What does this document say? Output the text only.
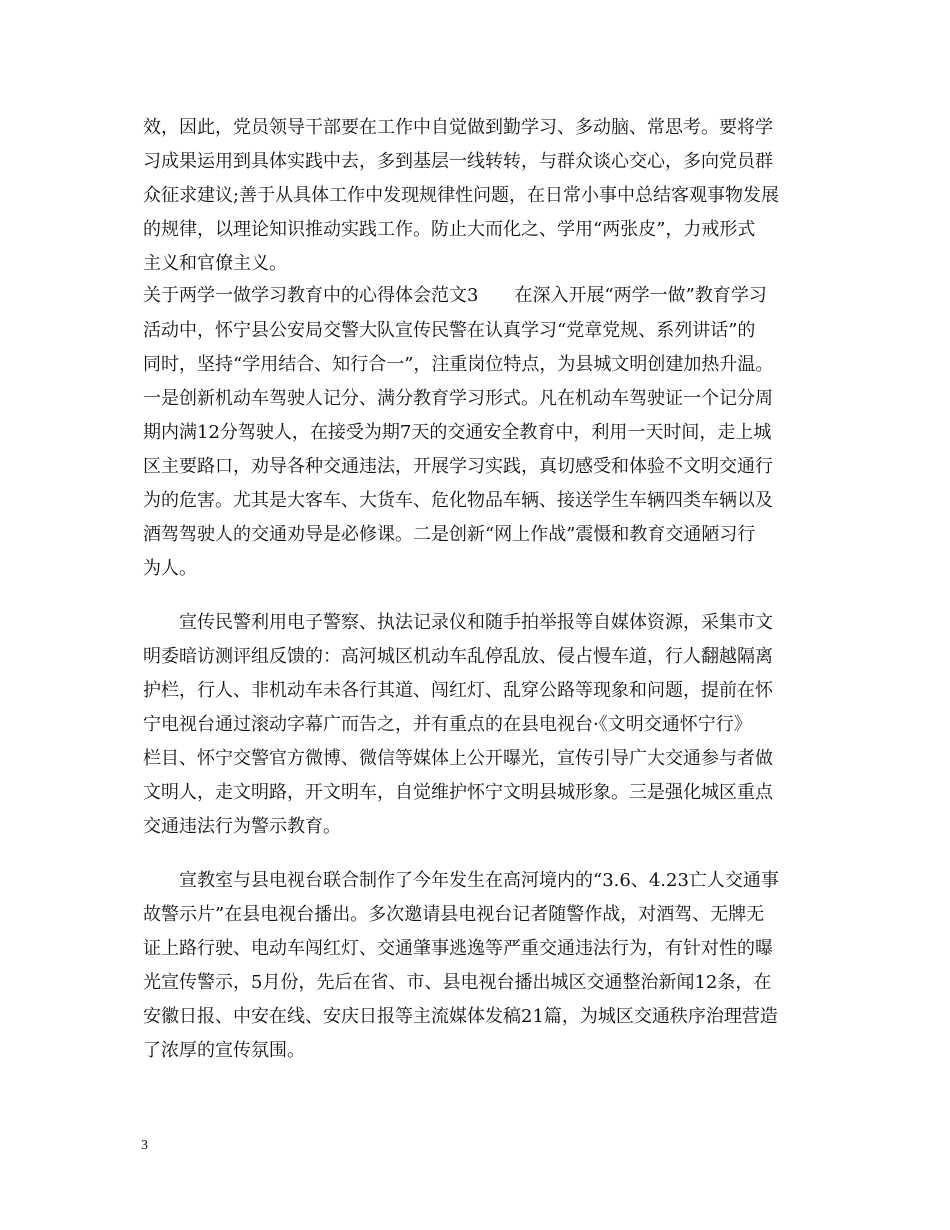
效，因此，党员领导干部要在工作中自觉做到勤学习、多动脑、常思考。要将学
习成果运用到具体实践中去，多到基层一线转转，与群众谈心交心，多向党员群
众征求建议;善于从具体工作中发现规律性问题，在日常小事中总结客观事物发展
的规律，以理论知识推动实践工作。防止大而化之、学用“两张皮”，力戒形式
主义和官僚主义。
关于两学一做学习教育中的心得体会范文3　　在深入开展“两学一做”教育学习
活动中，怀宁县公安局交警大队宣传民警在认真学习“党章党规、系列讲话”的
同时，坚持“学用结合、知行合一”，注重岗位特点，为县城文明创建加热升温。
一是创新机动车驾驶人记分、满分教育学习形式。凡在机动车驾驶证一个记分周
期内满12分驾驶人，在接受为期7天的交通安全教育中，利用一天时间，走上城
区主要路口，劝导各种交通违法，开展学习实践，真切感受和体验不文明交通行
为的危害。尤其是大客车、大货车、危化物品车辆、接送学生车辆四类车辆以及
酒驾驾驶人的交通劝导是必修课。二是创新“网上作战”震慑和教育交通陋习行
为人。
　　宣传民警利用电子警察、执法记录仪和随手拍举报等自媒体资源，采集市文
明委暗访测评组反馈的：高河城区机动车乱停乱放、侵占慢车道，行人翻越隔离
护栏，行人、非机动车未各行其道、闯红灯、乱穿公路等现象和问题，提前在怀
宁电视台通过滚动字幕广而告之，并有重点的在县电视台·《文明交通怀宁行》
栏目、怀宁交警官方微博、微信等媒体上公开曝光，宣传引导广大交通参与者做
文明人，走文明路，开文明车，自觉维护怀宁文明县城形象。三是强化城区重点
交通违法行为警示教育。
　　宣教室与县电视台联合制作了今年发生在高河境内的“3.6、4.23亡人交通事
故警示片”在县电视台播出。多次邀请县电视台记者随警作战，对酒驾、无牌无
证上路行驶、电动车闯红灯、交通肇事逃逸等严重交通违法行为，有针对性的曝
光宣传警示，5月份，先后在省、市、县电视台播出城区交通整治新闻12条，在
安徽日报、中安在线、安庆日报等主流媒体发稿21篇，为城区交通秩序治理营造
了浓厚的宣传氛围。
3
